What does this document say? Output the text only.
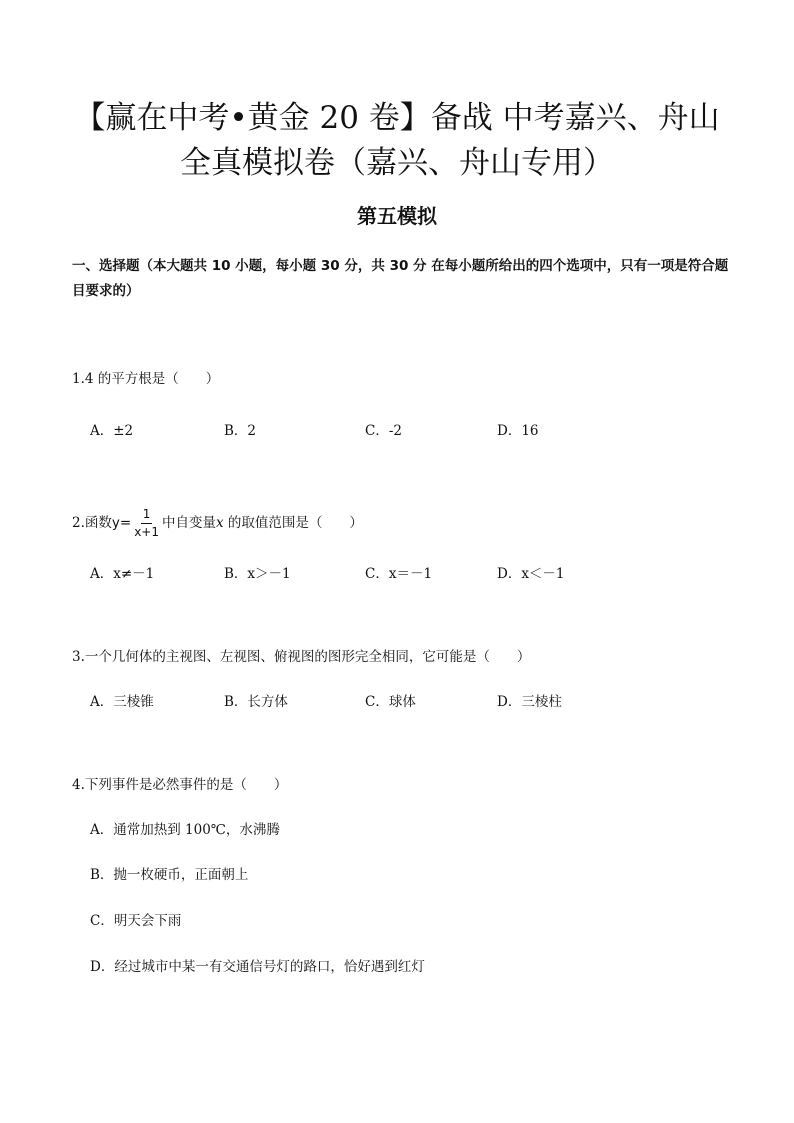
【赢在中考•黄金 20 卷】备战 中考嘉兴、舟山
全真模拟卷（嘉兴、舟山专用）
第五模拟
一、选择题（本大题共 10 小题，每小题 30 分，共 30 分 在每小题所给出的四个选项中，只有一项是符合题目要求的）
1.4 的平方根是（　　）
A．±2	B．2	C．-2	D．16
2.函数$y= \frac{1}{x+1}$ 中自变量x 的取值范围是（　　）
A．x≠－1	B．x＞－1	C．x＝－1	D．x＜－1
3.一个几何体的主视图、左视图、俯视图的图形完全相同，它可能是（　　）
A．三棱锥	B．长方体	C．球体	D．三棱柱
4.下列事件是必然事件的是（　　）
A．通常加热到 100℃，水沸腾
B．抛一枚硬币，正面朝上
C．明天会下雨
D．经过城市中某一有交通信号灯的路口，恰好遇到红灯
